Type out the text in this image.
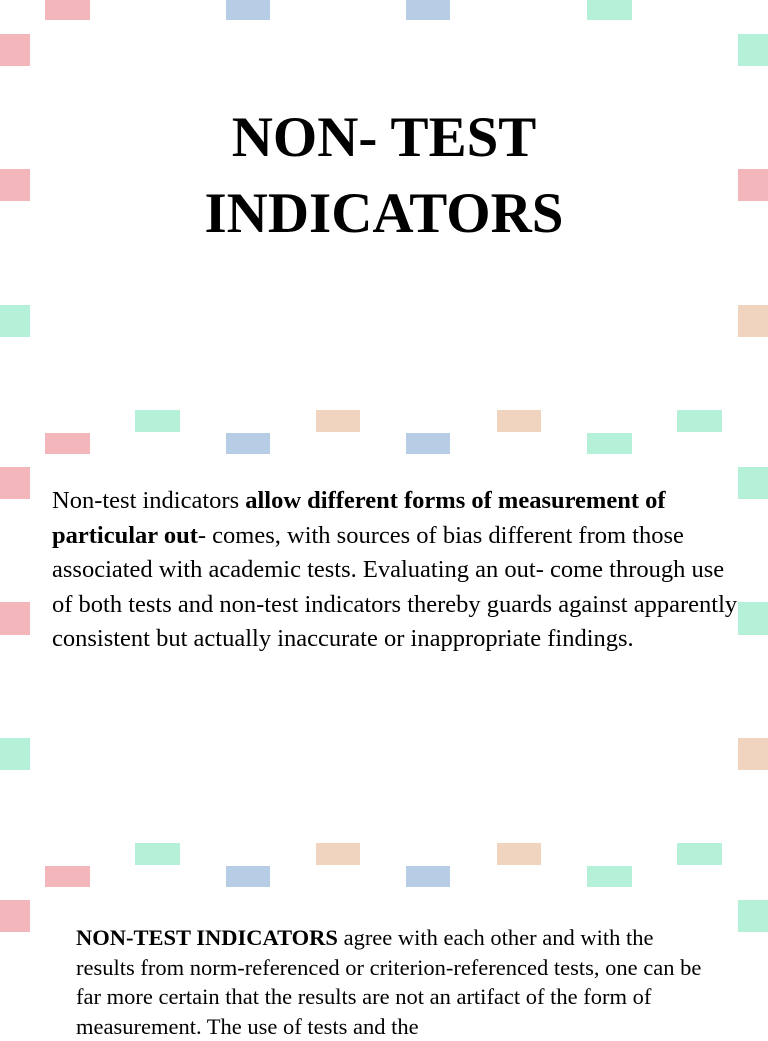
NON- TEST
INDICATORS
Non-test indicators allow different forms of measurement of particular out- comes, with sources of bias different from those associated with academic tests. Evaluating an out- come through use of both tests and non-test indicators thereby guards against apparently consistent but actually inaccurate or inappropriate findings.
NON-TEST INDICATORS agree with each other and with the results from norm-referenced or criterion-referenced tests, one can be far more certain that the results are not an artifact of the form of measurement. The use of tests and the
